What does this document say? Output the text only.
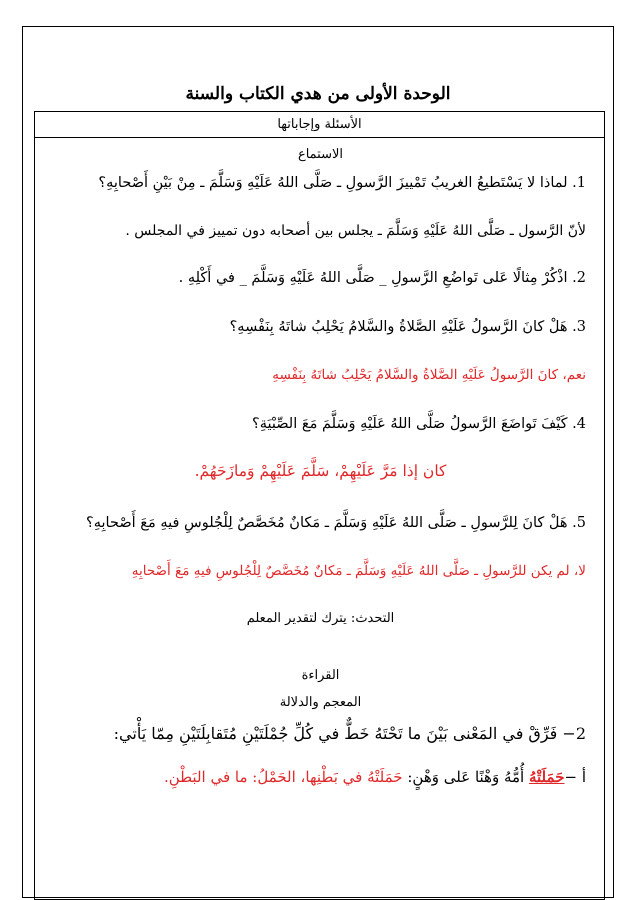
الوحدة الأولى من هدي الكتاب والسنة
الأسئلة وإجاباتها
الاستماع
1. لماذا لا يَسْتَطيعُ الغريبُ تَمْييزَ الرَّسولِ ـ صَلَّى اللهُ عَلَيْهِ وَسَلَّمَ ـ مِنْ بَيْنِ أَصْحابِهِ؟
لأنّ الرَّسول ـ صَلَّى اللهُ عَلَيْهِ وَسَلَّمَ ـ يجلس بين أصحابه دون تمييز في المجلس .
2. اذْكُرْ مِثالًا عَلى تَواضُعِ الرَّسولِ _ صَلَّى اللهُ عَلَيْهِ وَسَلَّمَ _ في أَكْلِهِ .
3. هَلْ كانَ الرَّسولُ عَلَيْهِ الصَّلاةُ والسَّلامُ يَحْلِبُ شاتَهُ بِنَفْسِهِ؟
نعم، كانَ الرَّسولُ عَلَيْهِ الصَّلاةُ والسَّلامُ يَحْلِبُ شاتَهُ بِنَفْسِهِ
4. كَيْفَ تَواضَعَ الرَّسولُ صَلَّى اللهُ عَلَيْهِ وَسَلَّمَ مَعَ الصِّبْيَةِ؟
كان إذا مَرَّ عَلَيْهِمْ، سَلَّمَ عَلَيْهِمْ وَمازَحَهُمْ.
5. هَلْ كانَ لِلرَّسولِ ـ صَلَّى اللهُ عَلَيْهِ وَسَلَّمَ ـ مَكانٌ مُخَصَّصٌ لِلْجُلوسِ فيهِ مَعَ أَصْحابِهِ؟
لا، لم يكن للرَّسولِ ـ صَلَّى اللهُ عَلَيْهِ وَسَلَّمَ ـ مَكانٌ مُخَصَّصٌ لِلْجُلوسِ فيهِ مَعَ أَصْحابِهِ
التحدث: يترك لتقدير المعلم
القراءة
المعجم والدلالة
2− فَرِّقْ في المَعْنى بَيْنَ ما تَحْتَهُ خَطٌّ في كُلِّ جُمْلَتَيْنِ مُتَقابِلَتَيْنِ مِمّا يَأْتي:
أ −حَمَلَتْهُ أُمُّهُ وَهْنًا عَلى وَهْنٍ: حَمَلَتْهُ في بَطْنِها، الحَمْلُ: ما في البَطْنِ.
